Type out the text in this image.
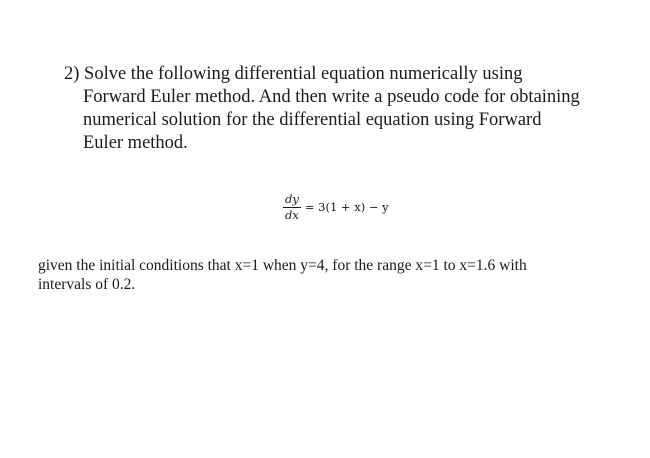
2) Solve the following differential equation numerically using
Forward Euler method. And then write a pseudo code for obtaining
numerical solution for the differential equation using Forward
Euler method.
$\frac{dy}{dx} = 3(1 + x) - y$
given the initial conditions that x=1 when y=4, for the range x=1 to x=1.6 with
intervals of 0.2.
